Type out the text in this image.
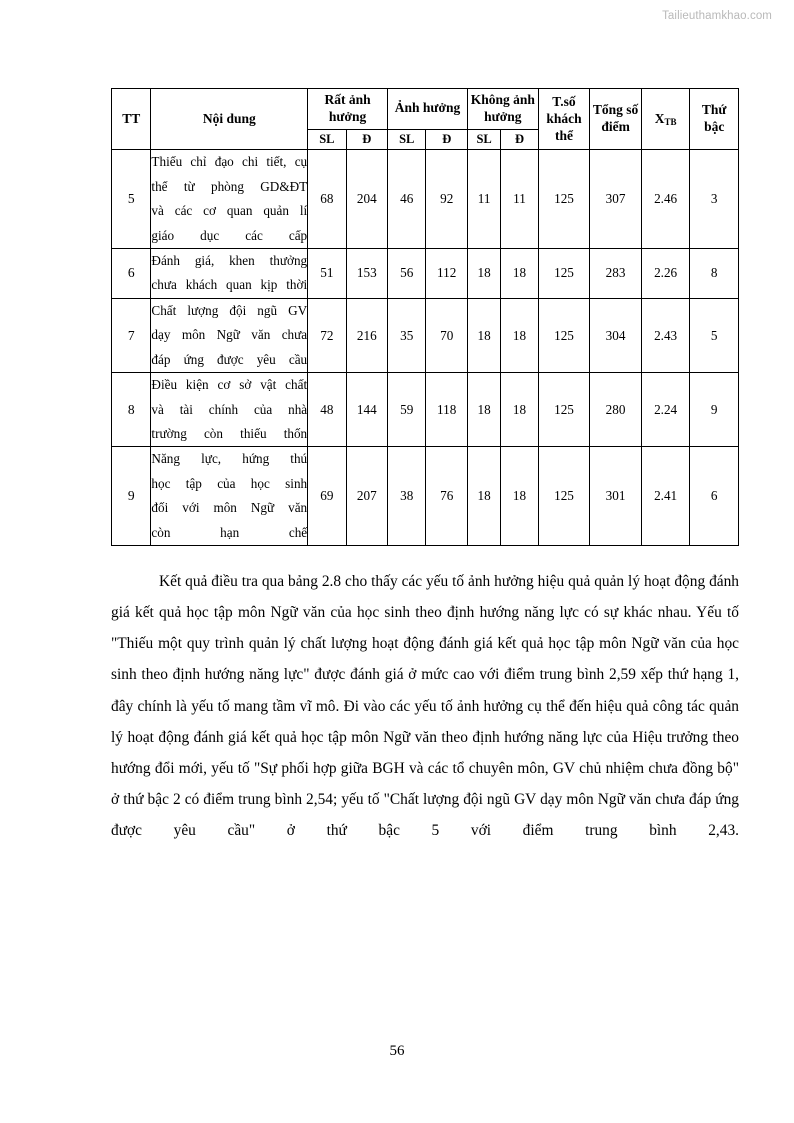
Tailieuthamkhao.com
TT	Nội dung	Rất ảnh hưởng		Ảnh hưởng		Không ảnh hưởng		T.số khách thể	Tổng số điểm	$X_{TB}$	Thứ bậc
		SL	Đ	SL	Đ	SL	Đ				
5	Thiếu chỉ đạo chi tiết, cụ
thể từ phòng GD&ĐT
và các cơ quan quản lí
giáo dục các cấp	68	204	46	92	11	11	125	307	2.46	3
6	Đánh giá, khen thưởng
chưa khách quan kịp thời	51	153	56	112	18	18	125	283	2.26	8
7	Chất lượng đội ngũ GV
dạy môn Ngữ văn chưa
đáp ứng được yêu cầu	72	216	35	70	18	18	125	304	2.43	5
8	Điều kiện cơ sở vật chất
và tài chính của nhà
trường còn thiếu thốn	48	144	59	118	18	18	125	280	2.24	9
9	Năng lực, hứng thú
học tập của học sinh
đối với môn Ngữ văn
còn hạn chế	69	207	38	76	18	18	125	301	2.41	6

Kết quả điều tra qua bảng 2.8 cho thấy các yếu tố ảnh hưởng hiệu quả quản lý hoạt động đánh giá kết quả học tập môn Ngữ văn của học sinh theo định hướng năng lực có sự khác nhau. Yếu tố "Thiếu một quy trình quản lý chất lượng hoạt động đánh giá kết quả học tập môn Ngữ văn của học sinh theo định hướng năng lực" được đánh giá ở mức cao với điểm trung bình 2,59 xếp thứ hạng 1, đây chính là yếu tố mang tầm vĩ mô. Đi vào các yếu tố ảnh hưởng cụ thể đến hiệu quả công tác quản lý hoạt động đánh giá kết quả học tập môn Ngữ văn theo định hướng năng lực của Hiệu trưởng theo hướng đổi mới, yếu tố "Sự phối hợp giữa BGH và các tổ chuyên môn, GV chủ nhiệm chưa đồng bộ" ở thứ bậc 2 có điểm trung bình 2,54; yếu tố "Chất lượng đội ngũ GV dạy môn Ngữ văn chưa đáp ứng được yêu cầu" ở thứ bậc 5 với điểm trung bình 2,43.

56
